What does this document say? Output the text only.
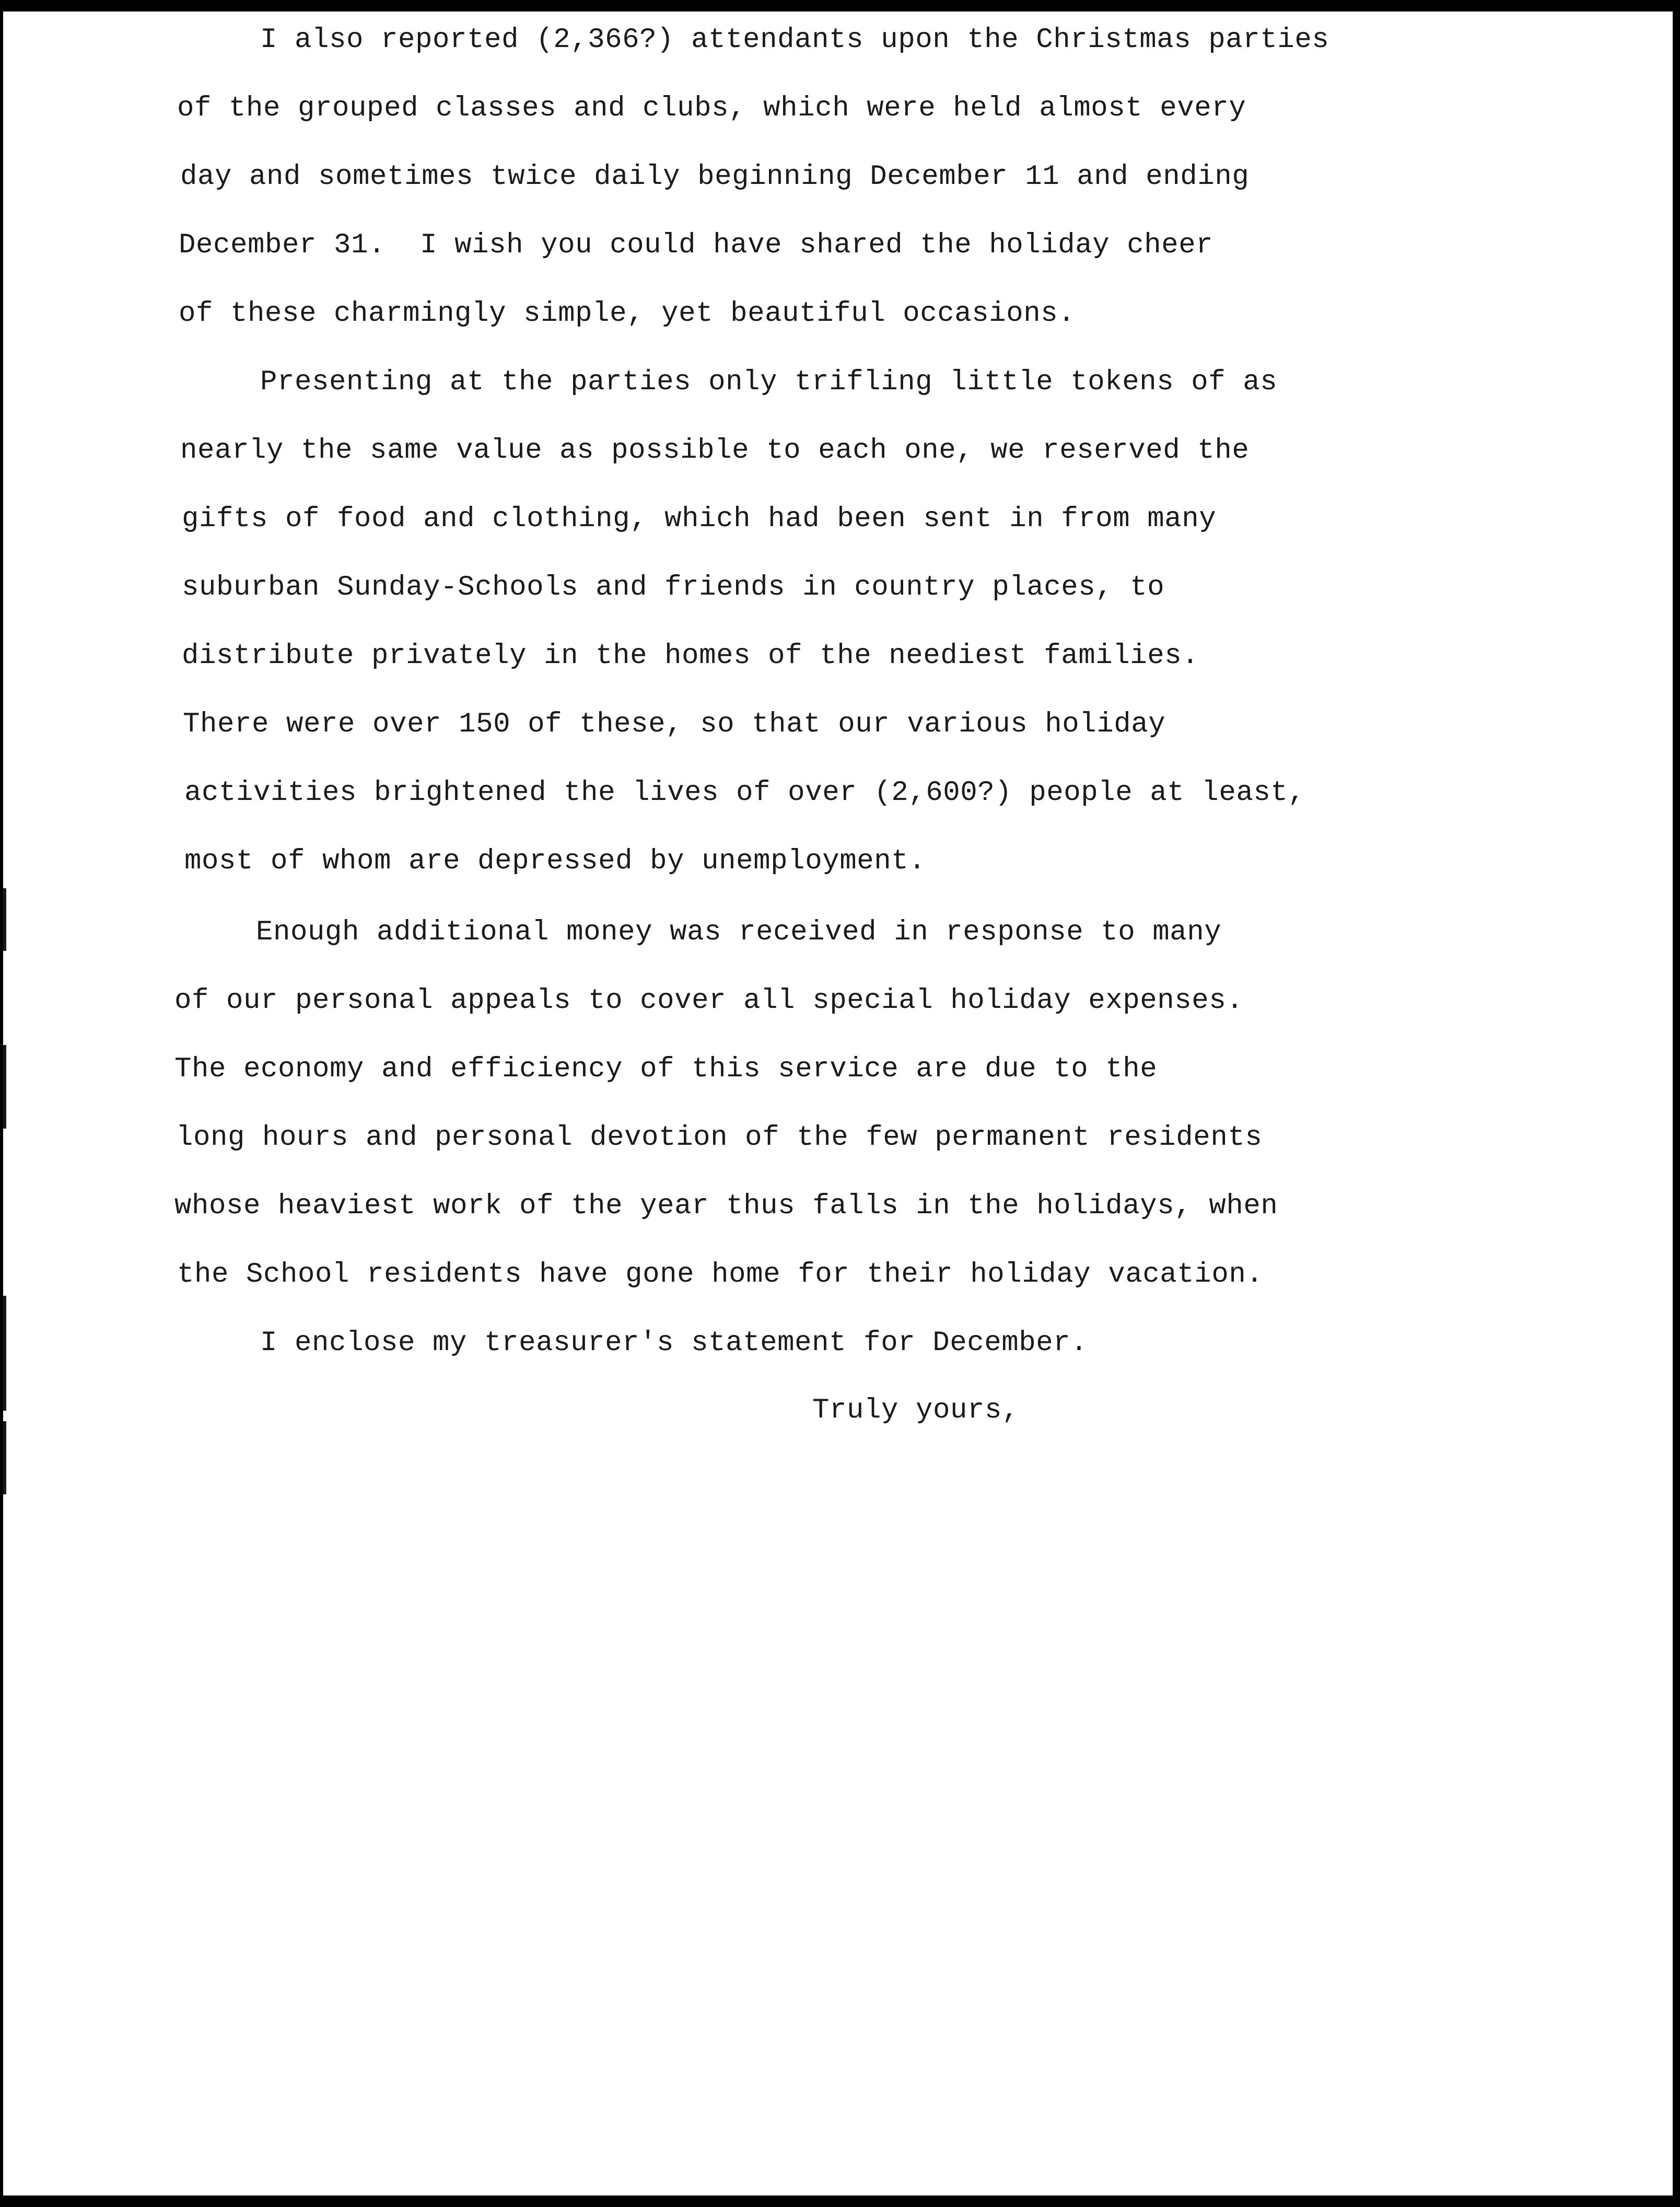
I also reported (2,366?) attendants upon the Christmas parties
of the grouped classes and clubs, which were held almost every
day and sometimes twice daily beginning December 11 and ending
December 31.  I wish you could have shared the holiday cheer
of these charmingly simple, yet beautiful occasions.
Presenting at the parties only trifling little tokens of as
nearly the same value as possible to each one, we reserved the
gifts of food and clothing, which had been sent in from many
suburban Sunday-Schools and friends in country places, to
distribute privately in the homes of the neediest families.
There were over 150 of these, so that our various holiday
activities brightened the lives of over (2,600?) people at least,
most of whom are depressed by unemployment.
Enough additional money was received in response to many
of our personal appeals to cover all special holiday expenses.
The economy and efficiency of this service are due to the
long hours and personal devotion of the few permanent residents
whose heaviest work of the year thus falls in the holidays, when
the School residents have gone home for their holiday vacation.
I enclose my treasurer's statement for December.
Truly yours,
